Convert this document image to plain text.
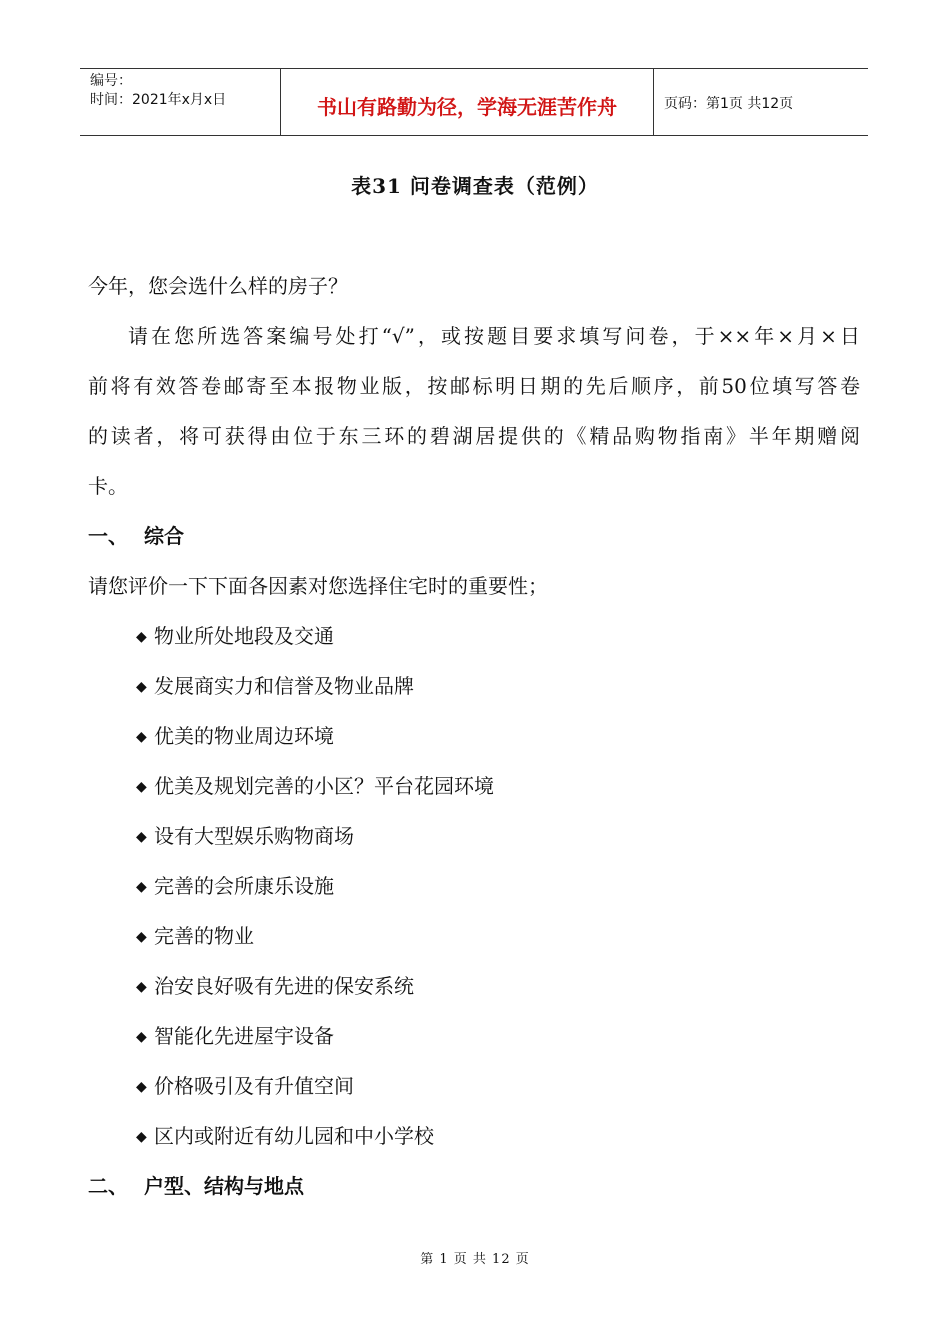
编号：
时间：2021年x月x日	书山有路勤为径，学海无涯苦作舟	页码：第1页 共12页
表31 问卷调查表（范例）
今年，您会选什么样的房子？
请在您所选答案编号处打“√”，或按题目要求填写问卷，于××年×月×日
前将有效答卷邮寄至本报物业版，按邮标明日期的先后顺序，前50位填写答卷
的读者，将可获得由位于东三环的碧湖居提供的《精品购物指南》半年期赠阅
卡。
一、 综合
请您评价一下下面各因素对您选择住宅时的重要性；
◆ 物业所处地段及交通
◆ 发展商实力和信誉及物业品牌
◆ 优美的物业周边环境
◆ 优美及规划完善的小区？平台花园环境
◆ 设有大型娱乐购物商场
◆ 完善的会所康乐设施
◆ 完善的物业
◆ 治安良好吸有先进的保安系统
◆ 智能化先进屋宇设备
◆ 价格吸引及有升值空间
◆ 区内或附近有幼儿园和中小学校
二、 户型、结构与地点
第 1 页 共 12 页
